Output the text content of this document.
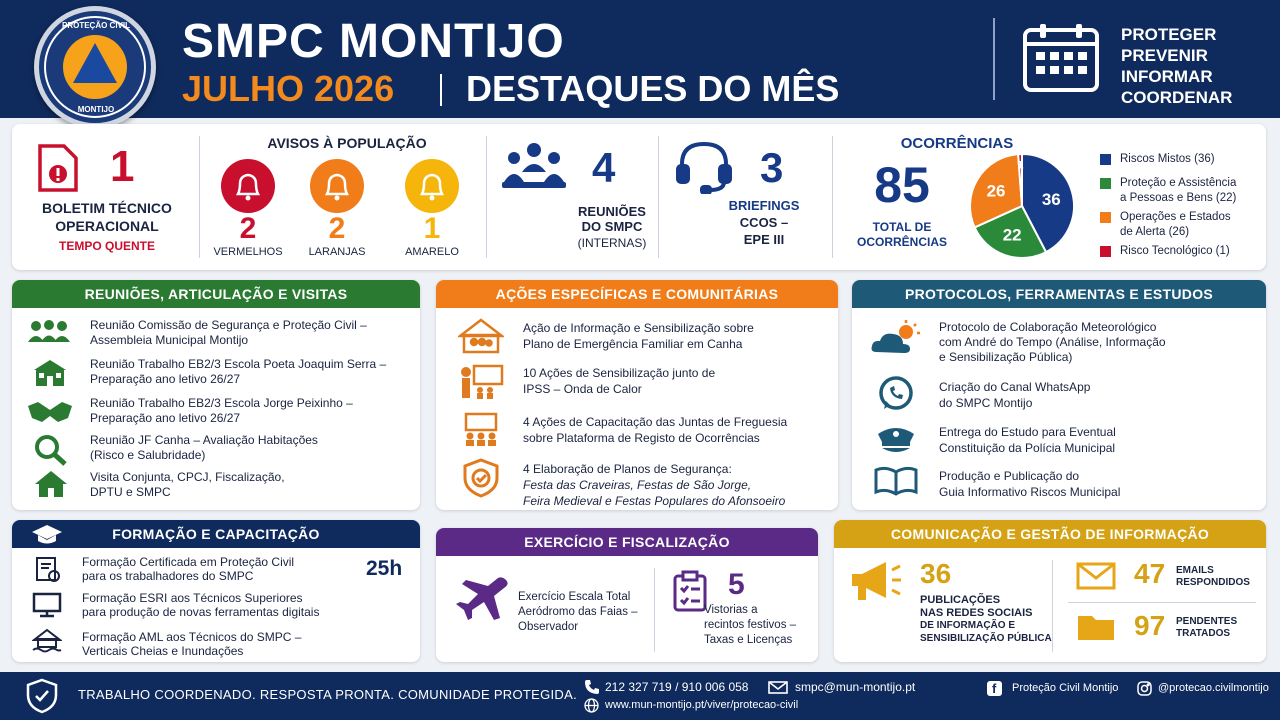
PROTEÇÃO CIVIL
MONTIJO
SMPC MONTIJO
JULHO 2026 DESTAQUES DO MÊS
PROTEGER
PREVENIR
INFORMAR
COORDENAR
1
BOLETIM TÉCNICO
OPERACIONAL
TEMPO QUENTE
AVISOS À POPULAÇÃO
2	2	1
VERMELHOS	LARANJAS	AMARELO
4
REUNIÕES
DO SMPC
(INTERNAS)
3
BRIEFINGS
CCOS –
EPE III
OCORRÊNCIAS
85
TOTAL DE
OCORRÊNCIAS
36
22
26
1
Riscos Mistos (36)
Proteção e Assistência
a Pessoas e Bens (22)
Operações e Estados
de Alerta (26)
Risco Tecnológico (1)
REUNIÕES, ARTICULAÇÃO E VISITAS
Reunião Comissão de Segurança e Proteção Civil –
Assembleia Municipal Montijo
Reunião Trabalho EB2/3 Escola Poeta Joaquim Serra –
Preparação ano letivo 26/27
Reunião Trabalho EB2/3 Escola Jorge Peixinho –
Preparação ano letivo 26/27
Reunião JF Canha – Avaliação Habitações
(Risco e Salubridade)
Visita Conjunta, CPCJ, Fiscalização,
DPTU e SMPC
AÇÕES ESPECÍFICAS E COMUNITÁRIAS
Ação de Informação e Sensibilização sobre
Plano de Emergência Familiar em Canha
10 Ações de Sensibilização junto de
IPSS – Onda de Calor
4 Ações de Capacitação das Juntas de Freguesia
sobre Plataforma de Registo de Ocorrências
4 Elaboração de Planos de Segurança:
Festa das Craveiras, Festas de São Jorge,
Feira Medieval e Festas Populares do Afonsoeiro
PROTOCOLOS, FERRAMENTAS E ESTUDOS
Protocolo de Colaboração Meteorológico
com André do Tempo (Análise, Informação
e Sensibilização Pública)
Criação do Canal WhatsApp
do SMPC Montijo
Entrega do Estudo para Eventual
Constituição da Polícia Municipal
Produção e Publicação do
Guia Informativo Riscos Municipal
FORMAÇÃO E CAPACITAÇÃO
Formação Certificada em Proteção Civil
para os trabalhadores do SMPC
Formação ESRI aos Técnicos Superiores
para produção de novas ferramentas digitais
Formação AML aos Técnicos do SMPC –
Verticais Cheias e Inundações
25h
EXERCÍCIO E FISCALIZAÇÃO
Exercício Escala Total
Aeródromo das Faias –
Observador
5
Vistorias a
recintos festivos –
Taxas e Licenças
COMUNICAÇÃO E GESTÃO DE INFORMAÇÃO
36
PUBLICAÇÕES
NAS REDES SOCIAIS
DE INFORMAÇÃO E
SENSIBILIZAÇÃO PÚBLICA
47 EMAILS
RESPONDIDOS
97 PENDENTES
TRATADOS
TRABALHO COORDENADO. RESPOSTA PRONTA. COMUNIDADE PROTEGIDA. 212 327 719 / 910 006 058	smpc@mun-montijo.pt
www.mun-montijo.pt/viver/protecao-civil
f Proteção Civil Montijo	@protecao.civilmontijo
